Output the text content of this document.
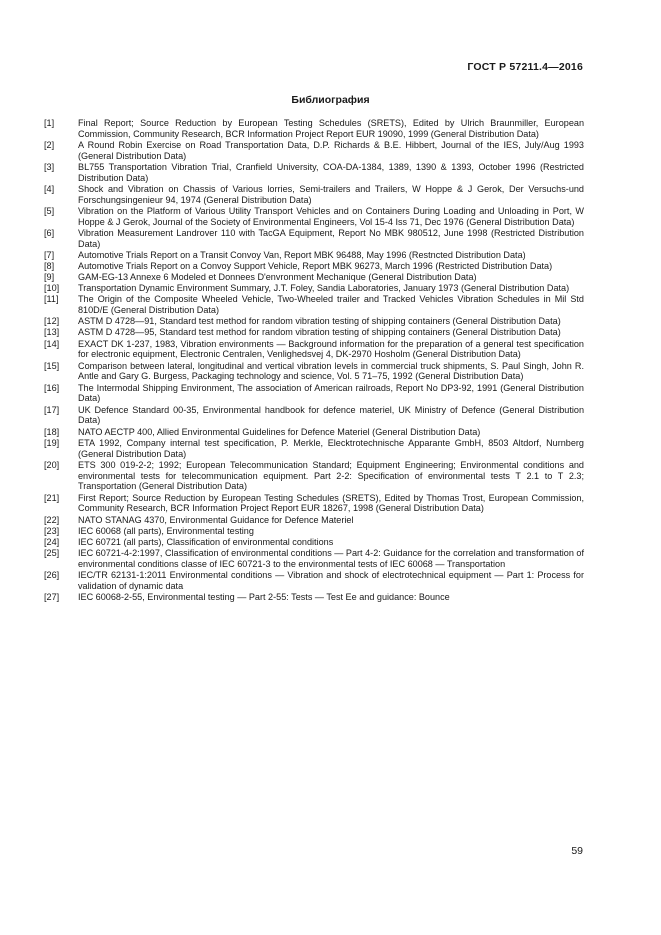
ГОСТ Р 57211.4—2016
Библиография
[1]	Final Report; Source Reduction by European Testing Schedules (SRETS), Edited by Ulrich Braunmiller, European Commission, Community Research, BCR Information Project Report EUR 19090, 1999 (General Distribution Data)
[2]	A Round Robin Exercise on Road Transportation Data, D.P. Richards & B.E. Hibbert, Journal of the IES, July/Aug 1993 (General Distribution Data)
[3]	BL755 Transportation Vibration Trial, Cranfield University, COA-DA-1384, 1389, 1390 & 1393, October 1996 (Restricted Distribution Data)
[4]	Shock and Vibration on Chassis of Various lorries, Semi-trailers and Trailers, W Hoppe & J Gerok, Der Versuchs-und Forschungsingenieur 94, 1974 (General Distribution Data)
[5]	Vibration on the Platform of Various Utility Transport Vehicles and on Containers During Loading and Unloading in Port, W Hoppe & J Gerok, Journal of the Society of Environmental Engineers, Vol 15-4 Iss 71, Dec 1976 (General Distribution Data)
[6]	Vibration Measurement Landrover 110 with TacGA Equipment, Report No MBK 980512, June 1998 (Restricted Distribution Data)
[7]	Automotive Trials Report on a Transit Convoy Van, Report MBK 96488, May 1996 (Restncted Distribution Data)
[8]	Automotive Trials Report on a Convoy Support Vehicle, Report MBK 96273, March 1996 (Restricted Distribution Data)
[9]	GAM-EG-13 Annexe 6 Modeled et Donnees D'envronment Mechanique (General Distribution Data)
[10]	Transportation Dynamic Environment Summary, J.T. Foley, Sandia Laboratories, January 1973 (General Distribution Data)
[11]	The Origin of the Composite Wheeled Vehicle, Two-Wheeled trailer and Tracked Vehicles Vibration Schedules in Mil Std 810D/E (General Distribution Data)
[12]	ASTM D 4728—91, Standard test method for random vibration testing of shipping containers (General Distribution Data)
[13]	ASTM D 4728—95, Standard test method for random vibration testing of shipping containers (General Distribution Data)
[14]	EXACT DK 1-237, 1983, Vibration environments — Background information for the preparation of a general test specification for electronic equipment, Electronic Centralen, Venlighedsvej 4, DK-2970 Hosholm (General Distribution Data)
[15]	Comparison between lateral, longitudinal and vertical vibration levels in commercial truck shipments, S. Paul Singh, John R. Antle and Gary G. Burgess, Packaging technology and science, Vol. 5 71–75, 1992 (General Distribution Data)
[16]	The Intermodal Shipping Environment, The association of American railroads, Report No DP3-92, 1991 (General Distribution Data)
[17]	UK Defence Standard 00-35, Environmental handbook for defence materiel, UK Ministry of Defence (General Distribution Data)
[18]	NATO AECTP 400, Allied Environmental Guidelines for Defence Materiel (General Distribution Data)
[19]	ETA 1992, Company internal test specification, P. Merkle, Elecktrotechnische Apparante GmbH, 8503 Altdorf, Nurnberg (General Distribution Data)
[20]	ETS 300 019-2-2; 1992; European Telecommunication Standard; Equipment Engineering; Environmental conditions and environmental tests for telecommunication equipment. Part 2-2: Specification of environmental tests T 2.1 to T 2.3; Transportation (General Distribution Data)
[21]	First Report; Source Reduction by European Testing Schedules (SRETS), Edited by Thomas Trost, European Commission, Community Research, BCR Information Project Report EUR 18267, 1998 (General Distribution Data)
[22]	NATO STANAG 4370, Environmental Guidance for Defence Materiel
[23]	IEC 60068 (all parts), Environmental testing
[24]	IEC 60721 (all parts), Classification of environmental conditions
[25]	IEC 60721-4-2:1997, Classification of environmental conditions — Part 4-2: Guidance for the correlation and transformation of environmental conditions classe of IEC 60721-3 to the environmental tests of IEC 60068 — Transportation
[26]	IEC/TR 62131-1:2011 Environmental conditions — Vibration and shock of electrotechnical equipment — Part 1: Process for validation of dynamic data
[27]	IEC 60068-2-55, Environmental testing — Part 2-55: Tests — Test Ee and guidance: Bounce
59
